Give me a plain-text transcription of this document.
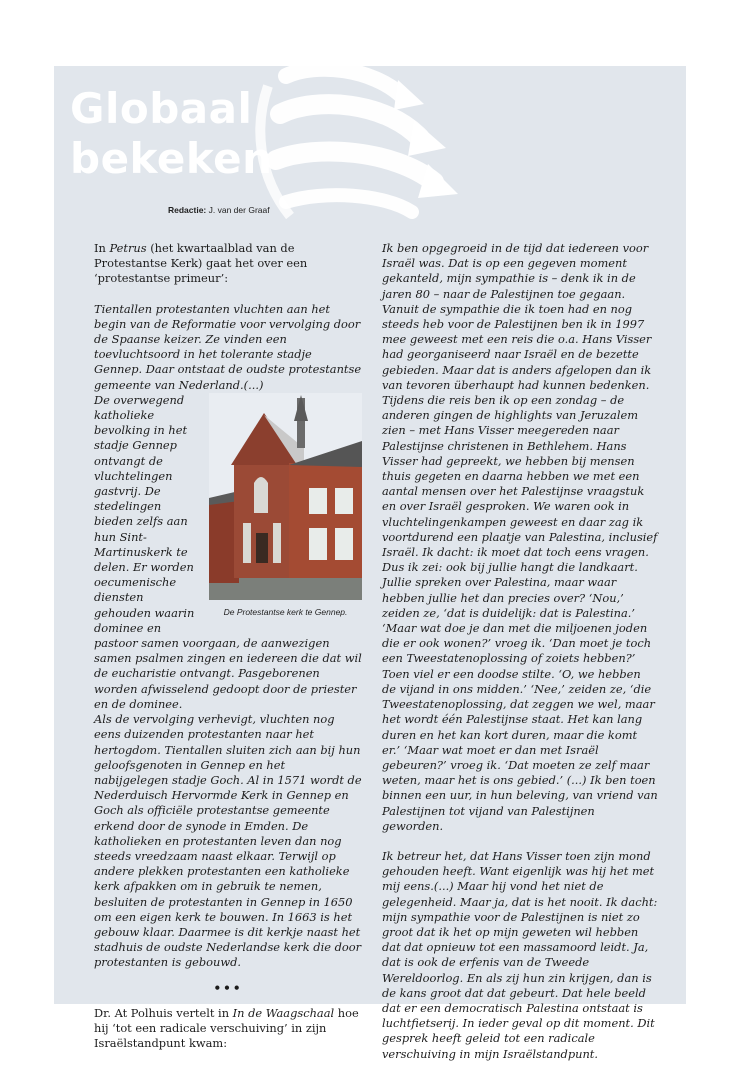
Globaal
bekeken
Redactie: J. van der Graaf

In Petrus (het kwartaalblad van de Protestantse Kerk) gaat het over een ‘protestantse primeur’:

Tientallen protestanten vluchten aan het begin van de Reformatie voor vervolging door de Spaanse keizer. Ze vinden een toevluchtsoord in het tolerante stadje Gennep. Daar ontstaat de oudste protestantse gemeente van Nederland.(...)

De Protestantse kerk te Gennep.

De overwegend katholieke bevolking in het stadje Gennep ontvangt de vluchtelingen gastvrij. De stedelingen bieden zelfs aan hun Sint-Martinuskerk te delen. Er worden oecumenische diensten gehouden waarin dominee en pastoor samen voorgaan, de aanwezigen samen psalmen zingen en iedereen die dat wil de eucharistie ontvangt. Pasgeborenen worden afwisselend gedoopt door de priester en de dominee.

Als de vervolging verhevigt, vluchten nog eens duizenden protestanten naar het hertogdom. Tientallen sluiten zich aan bij hun geloofsgenoten in Gennep en het nabijgelegen stadje Goch. Al in 1571 wordt de Nederduisch Hervormde Kerk in Gennep en Goch als officiële protestantse gemeente erkend door de synode in Emden. De katholieken en protestanten leven dan nog steeds vreedzaam naast elkaar. Terwijl op andere plekken protestanten een katholieke kerk afpakken om in gebruik te nemen, besluiten de protestanten in Gennep in 1650 om een eigen kerk te bouwen. In 1663 is het gebouw klaar. Daarmee is dit kerkje naast het stadhuis de oudste Nederlandse kerk die door protestanten is gebouwd.

•••

Dr. At Polhuis vertelt in In de Waagschaal hoe hij ‘tot een radicale verschuiving’ in zijn Israëlstandpunt kwam:

Ik ben opgegroeid in de tijd dat iedereen voor Israël was. Dat is op een gegeven moment gekanteld, mijn sympathie is – denk ik in de jaren 80 – naar de Palestijnen toe gegaan. Vanuit de sympathie die ik toen had en nog steeds heb voor de Palestijnen ben ik in 1997 mee geweest met een reis die o.a. Hans Visser had georganiseerd naar Israël en de bezette gebieden. Maar dat is anders afgelopen dan ik van tevoren überhaupt had kunnen bedenken.

Tijdens die reis ben ik op een zondag – de anderen gingen de highlights van Jeruzalem zien – met Hans Visser meegereden naar Palestijnse christenen in Bethlehem. Hans Visser had gepreekt, we hebben bij mensen thuis gegeten en daarna hebben we met een aantal mensen over het Palestijnse vraagstuk en over Israël gesproken. We waren ook in vluchtelingenkampen geweest en daar zag ik voortdurend een plaatje van Palestina, inclusief Israël. Ik dacht: ik moet dat toch eens vragen. Dus ik zei: ook bij jullie hangt die landkaart. Jullie spreken over Palestina, maar waar hebben jullie het dan precies over? ‘Nou,’ zeiden ze, ‘dat is duidelijk: dat is Palestina.’ ‘Maar wat doe je dan met die miljoenen joden die er ook wonen?’ vroeg ik. ‘Dan moet je toch een Tweestatenoplossing of zoiets hebben?’ Toen viel er een doodse stilte. ‘O, we hebben de vijand in ons midden.’ ‘Nee,’ zeiden ze, ‘die Tweestatenoplossing, dat zeggen we wel, maar het wordt één Palestijnse staat. Het kan lang duren en het kan kort duren, maar die komt er.’ ‘Maar wat moet er dan met Israël gebeuren?’ vroeg ik. ‘Dat moeten ze zelf maar weten, maar het is ons gebied.’ (...) Ik ben toen binnen een uur, in hun beleving, van vriend van Palestijnen tot vijand van Palestijnen geworden.

Ik betreur het, dat Hans Visser toen zijn mond gehouden heeft. Want eigenlijk was hij het met mij eens.(...) Maar hij vond het niet de gelegenheid. Maar ja, dat is het nooit. Ik dacht: mijn sympathie voor de Palestijnen is niet zo groot dat ik het op mijn geweten wil hebben dat dat opnieuw tot een massamoord leidt. Ja, dat is ook de erfenis van de Tweede Wereldoorlog. En als zij hun zin krijgen, dan is de kans groot dat dat gebeurt. Dat hele beeld dat er een democratisch Palestina ontstaat is luchtfietserij. In ieder geval op dit moment. Dit gesprek heeft geleid tot een radicale verschuiving in mijn Israëlstandpunt.
